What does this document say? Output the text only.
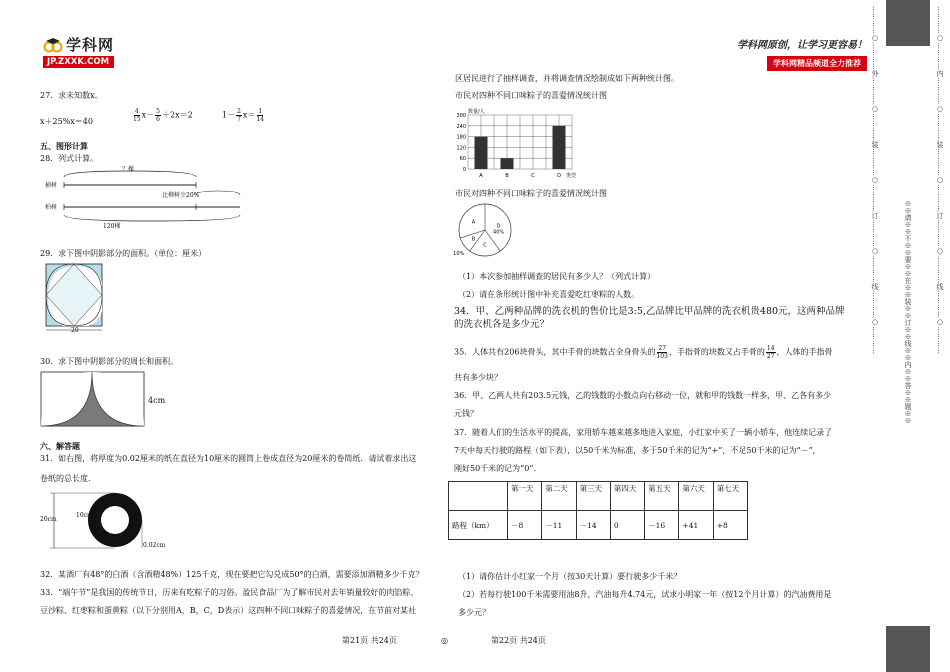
学科网
JP.ZXXK.COM
学科网原创，让学习更容易！
学科网精品频道全力推荐
27．求未知数x。
x＋25%x＝40	$\frac{4}{15} x- \frac{5}{6} +2x=2$	$1- \frac{2}{7} x= \frac{1}{14}$
五、图形计算
28．列式计算。
？棵
桶树
柏树
比柳树少20%
120棵
29．求下图中阴影部分的面积。（单位：厘米）
20
30．求下图中阴影部分的周长和面积。
4cm
六、解答题
31．如右图，将厚度为0.02厘米的纸在直径为10厘米的圆筒上卷成直径为20厘米的卷筒纸．请试着求出这
卷纸的总长度．
20cm
10cm
0.02cm
32．某酒厂有48°的白酒（含酒精48%）125千克，现在要把它勾兑成50°的白酒，需要添加酒精多少千克？
33．“端午节”是我国的传统节日，历来有吃粽子的习俗。盈民食品厂为了解市民对去年销量较好的肉馅粽、
豆沙粽、红枣粽和蛋黄粽（以下分别用A，B，C，D表示）这四种不同口味粽子的喜爱情况，在节前对某社
区居民进行了抽样调查，并将调查情况绘制成如下两种统计图。
市民对四种不同口味粽子的喜爱情况统计图
0
60
120
180
240
300
数量/人
类型
A	B	C	D
市民对四种不同口味粽子的喜爱情况统计图
D
40%
C
B
10%
A
（1）本次参加抽样调查的居民有多少人？（列式计算）
（2）请在条形统计图中补充喜爱吃红枣粽的人数。
34．甲、乙两种品牌的洗衣机的售价比是3:5,乙品牌比甲品牌的洗衣机贵480元，这两种品牌的洗衣机各是多少元？
35．人体共有206块骨头，其中手骨的块数占全身骨头的 $\frac{27}{103}$ ，手指骨的块数又占手骨的 $\frac{14}{27}$ ，人体的手指骨
共有多少块？
36．甲、乙两人共有203.5元钱，乙的钱数的小数点向右移动一位，就和甲的钱数一样多，甲、乙各有多少
元钱？
37．随着人们的生活水平的提高，家用轿车越来越多地进入家庭，小红家中买了一辆小轿车，他连续记录了
7天中每天行驶的路程（如下表），以50千米为标准，多于50千米的记为“+”，不足50千米的记为“－”，
刚好50千米的记为“0”.
	第一天	第二天	第三天	第四天	第五天	第六天	第七天
路程（km）	－8	－11	－14	0	－16	+41	+8
（1）请你估计小红家一个月（按30天计算）要行驶多少千米？
（2）若每行驶100千米需要用油8升，汽油每升4.74元，试求小明家一年（按12个月计算）的汽油费用是
多少元？
第21页 共24页	◎	第22页 共24页
…………○…………外…………○…………装…………○…………订…………○…………线…………○…………	※※请※※不※※要※※在※※装※※订※※线※※内※※答※※题※※	…………○…………内…………○…………装…………○…………订…………○…………线…………○…………
